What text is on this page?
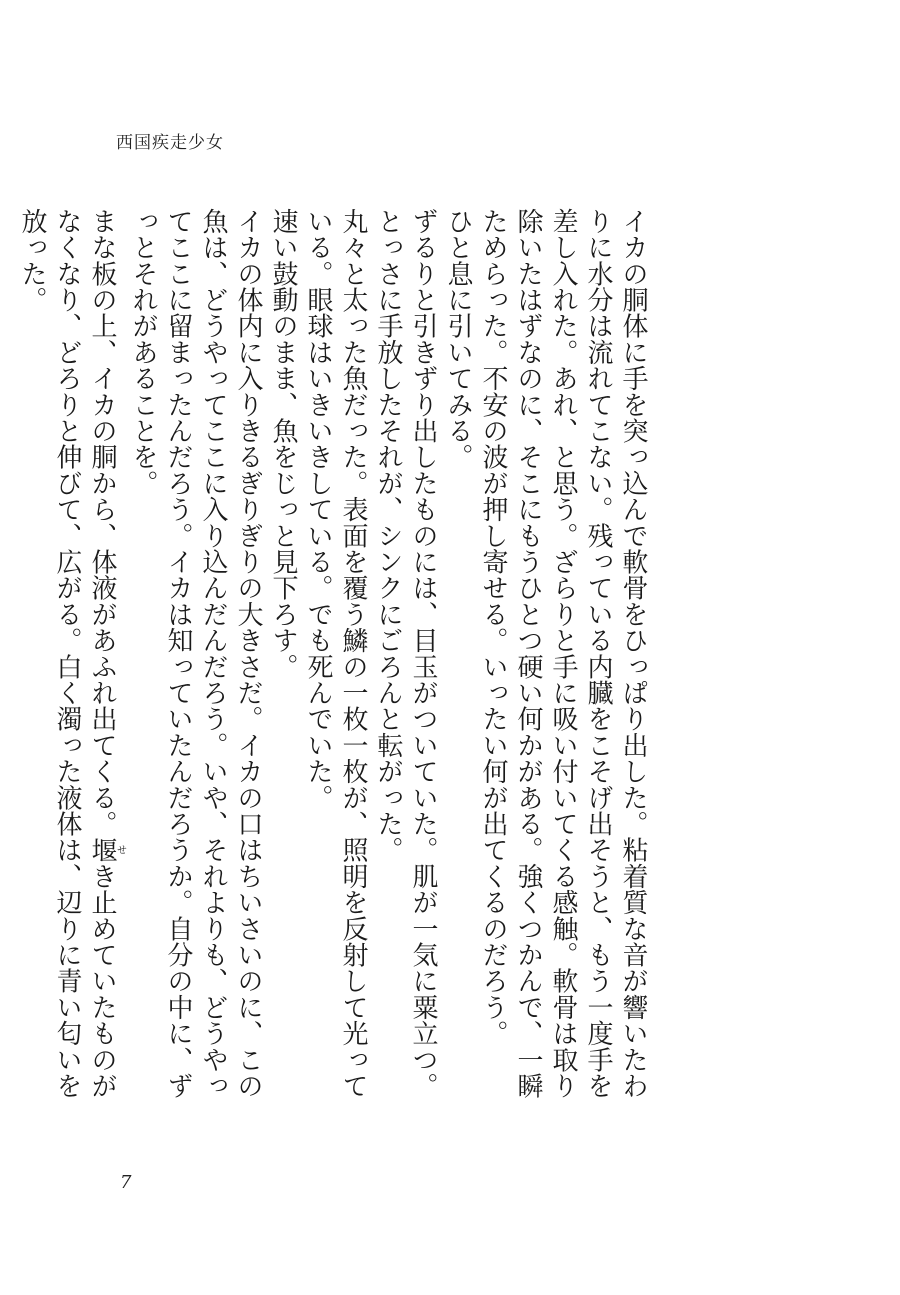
西国疾走少女

イカの胴体に手を突っ込んで軟骨をひっぱり出した。粘着質な音が響いたわりに水分は流れてこない。残っている内臓をこそげ出そうと、もう一度手を差し入れた。あれ、と思う。ざらりと手に吸い付いてくる感触。軟骨は取り除いたはずなのに、そこにもうひとつ硬い何かがある。強くつかんで、一瞬ためらった。不安の波が押し寄せる。いったい何が出てくるのだろう。

ひと息に引いてみる。

ずるりと引きずり出したものには、目玉がついていた。肌が一気に粟立つ。とっさに手放したそれが、シンクにごろんと転がった。

丸々と太った魚だった。表面を覆う鱗の一枚一枚が、照明を反射して光っている。眼球はいきいきしている。でも死んでいた。

速い鼓動のまま、魚をじっと見下ろす。

イカの体内に入りきるぎりぎりの大きさだ。イカの口はちいさいのに、この魚は、どうやってここに入り込んだんだろう。いや、それよりも、どうやってここに留まったんだろう。イカは知っていたんだろうか。自分の中に、ずっとそれがあることを。

まな板の上、イカの胴から、体液があふれ出てくる。堰せき止めていたものがなくなり、どろりと伸びて、広がる。白く濁った液体は、辺りに青い匂いを放った。

7
